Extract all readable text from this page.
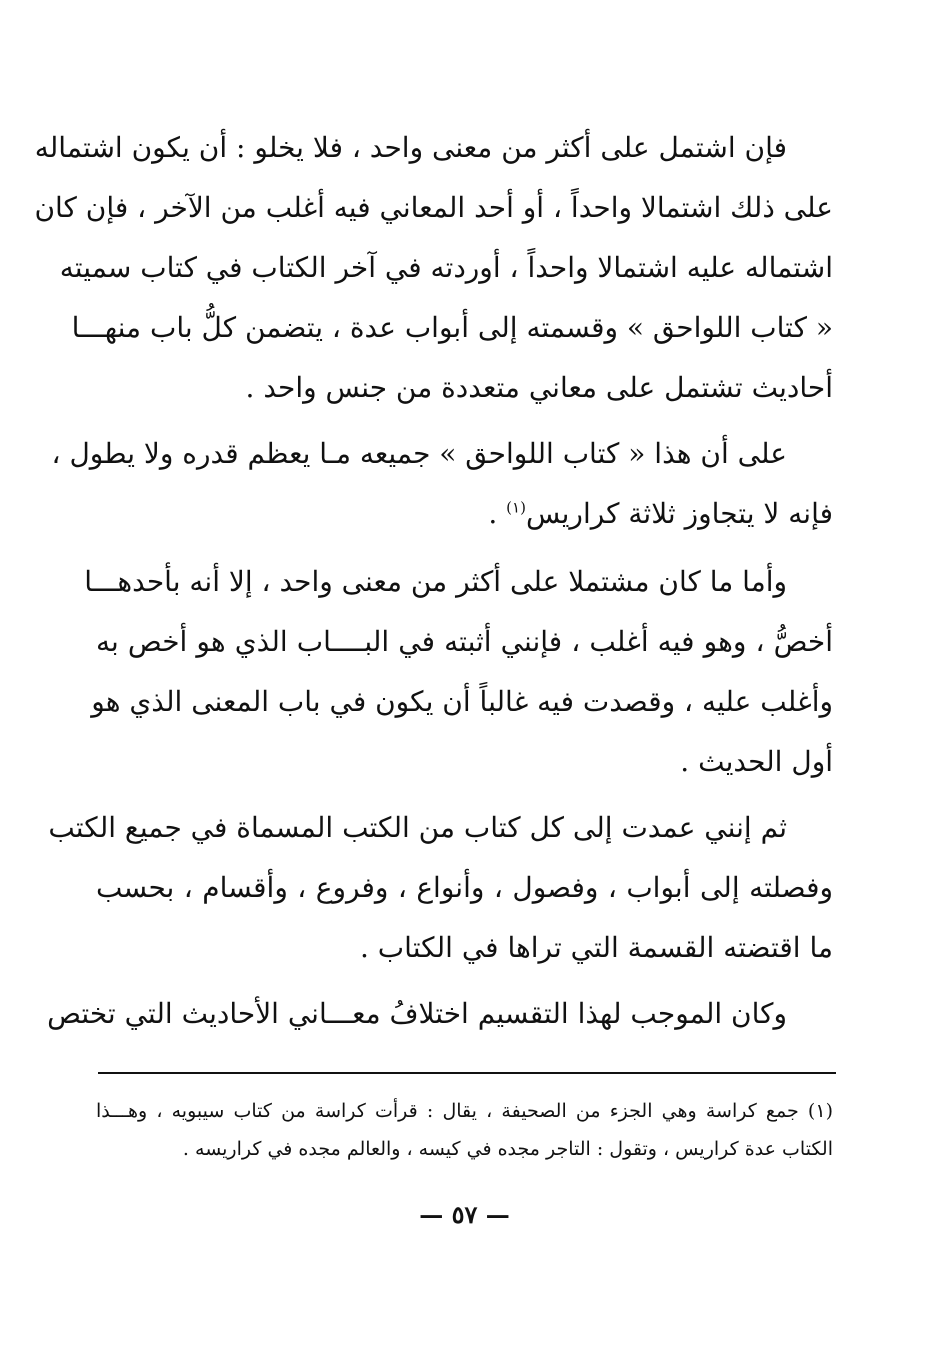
فإن اشتمل على أكثر من معنى واحد ، فلا يخلو : أن يكون اشتماله
على ذلك اشتمالا واحداً ، أو أحد المعاني فيه أغلب من الآخر ، فإن كان
اشتماله عليه اشتمالا واحداً ، أوردته في آخر الكتاب في كتاب سميته
« كتاب اللواحق » وقسمته إلى أبواب عدة ، يتضمن كلُّ باب منهـــا
أحاديث تشتمل على معاني متعددة من جنس واحد .
على أن هذا « كتاب اللواحق » جميعه مـا يعظم قدره ولا يطول ،
فإنه لا يتجاوز ثلاثة كراريس$^{(١)}$ .
وأما ما كان مشتملا على أكثر من معنى واحد ، إلا أنه بأحدهـــا
أخصُّ ، وهو فيه أغلب ، فإنني أثبته في البــــاب الذي هو أخص به
وأغلب عليه ، وقصدت فيه غالباً أن يكون في باب المعنى الذي هو
أول الحديث .
ثم إنني عمدت إلى كل كتاب من الكتب المسماة في جميع الكتب
وفصلته إلى أبواب ، وفصول ، وأنواع ، وفروع ، وأقسام ، بحسب
ما اقتضته القسمة التي تراها في الكتاب .
وكان الموجب لهذا التقسيم اختلافُ معـــاني الأحاديث التي تختص
(١) جمع كراسة وهي الجزء من الصحيفة ، يقال : قرأت كراسة من كتاب سيبويه ، وهـــذا
الكتاب عدة كراريس ، وتقول : التاجر مجده في كيسه ، والعالم مجده في كراريسه .
— ٥٧ —
